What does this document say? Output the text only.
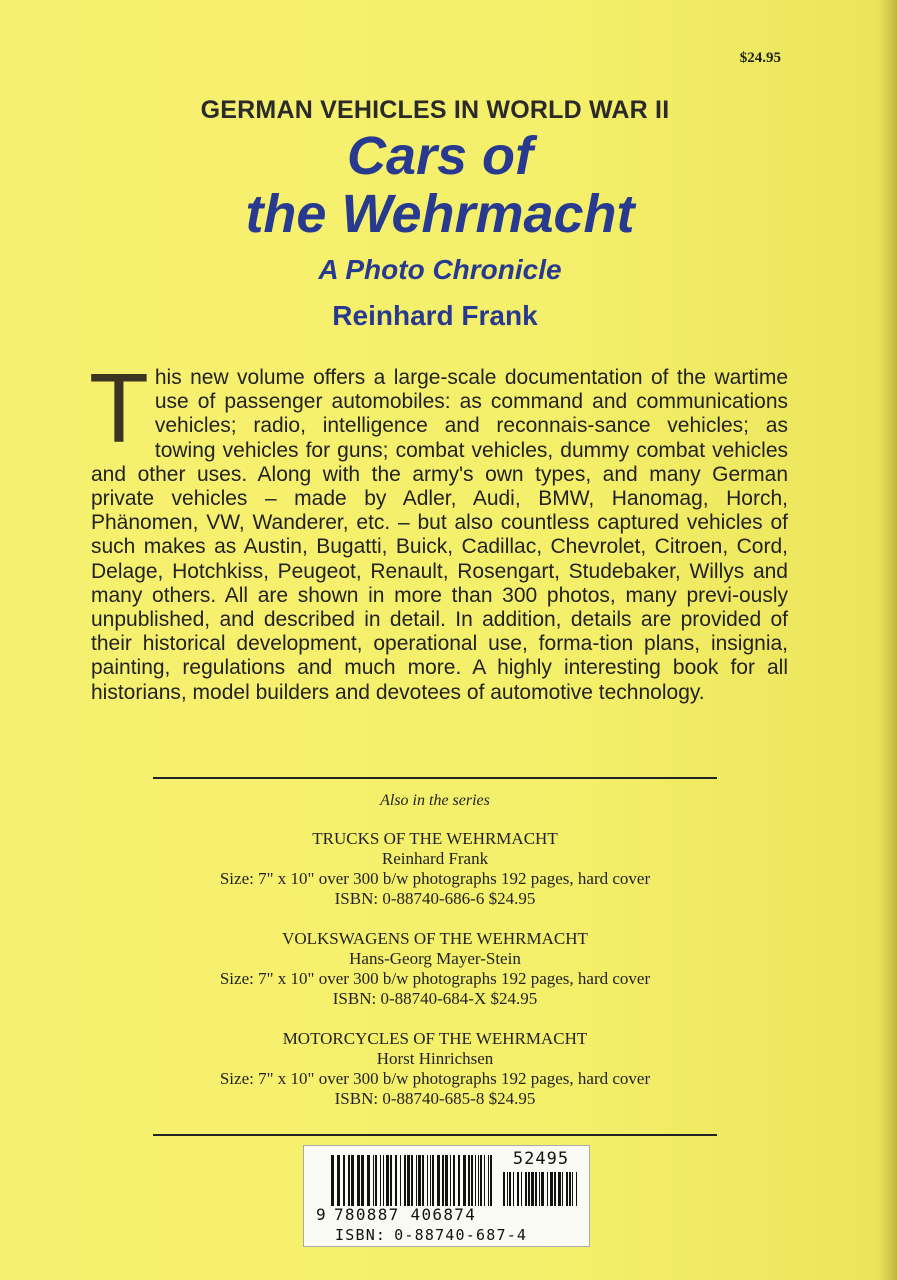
$24.95
GERMAN VEHICLES IN WORLD WAR II
Cars of
the Wehrmacht
A Photo Chronicle
Reinhard Frank
This new volume offers a large-scale documentation of the wartime use of passenger automobiles: as command and communications vehicles; radio, intelligence and reconnais-sance vehicles; as towing vehicles for guns; combat vehicles, dummy combat vehicles and other uses. Along with the army's own types, and many German private vehicles – made by Adler, Audi, BMW, Hanomag, Horch, Phänomen, VW, Wanderer, etc. – but also countless captured vehicles of such makes as Austin, Bugatti, Buick, Cadillac, Chevrolet, Citroen, Cord, Delage, Hotchkiss, Peugeot, Renault, Rosengart, Studebaker, Willys and many others. All are shown in more than 300 photos, many previ-ously unpublished, and described in detail. In addition, details are provided of their historical development, operational use, forma-tion plans, insignia, painting, regulations and much more. A highly interesting book for all historians, model builders and devotees of automotive technology.
Also in the series
TRUCKS OF THE WEHRMACHT
Reinhard Frank
Size: 7" x 10" over 300 b/w photographs 192 pages, hard cover
ISBN: 0-88740-686-6 $24.95
VOLKSWAGENS OF THE WEHRMACHT
Hans-Georg Mayer-Stein
Size: 7" x 10" over 300 b/w photographs 192 pages, hard cover
ISBN: 0-88740-684-X $24.95
MOTORCYCLES OF THE WEHRMACHT
Horst Hinrichsen
Size: 7" x 10" over 300 b/w photographs 192 pages, hard cover
ISBN: 0-88740-685-8 $24.95
52495
9 780887 406874
ISBN: 0-88740-687-4
